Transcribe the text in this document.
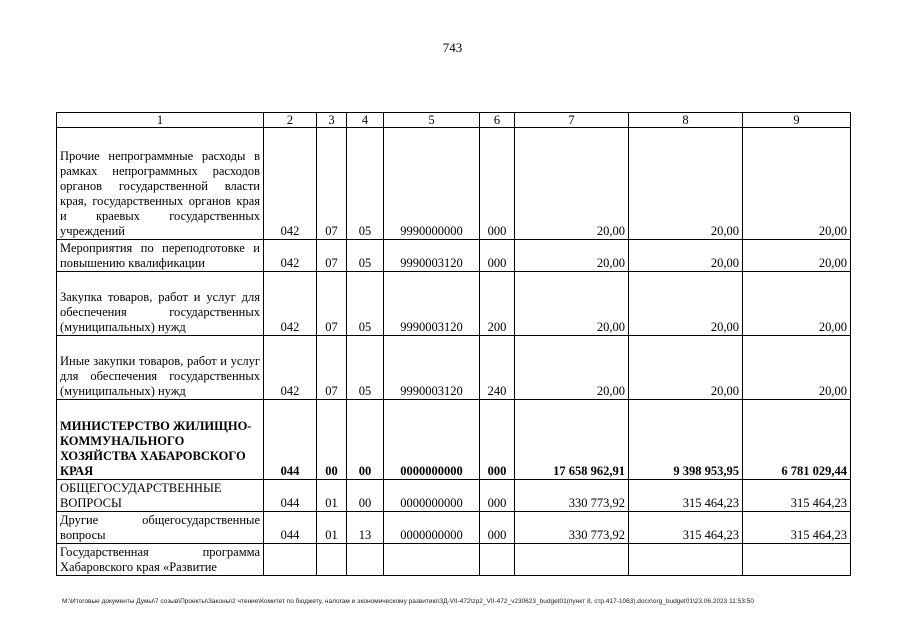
743
1	2	3	4	5	6	7	8	9
Прочие непрограммные расходы в рамках непрограммных расходов органов государственной власти края, государственных органов края и краевых государственных учреждений	042	07	05	9990000000	000	20,00	20,00	20,00
Мероприятия по переподготовке и повышению квалификации	042	07	05	9990003120	000	20,00	20,00	20,00
Закупка товаров, работ и услуг для обеспечения государственных (муниципальных) нужд	042	07	05	9990003120	200	20,00	20,00	20,00
Иные закупки товаров, работ и услуг для обеспечения государственных (муниципальных) нужд	042	07	05	9990003120	240	20,00	20,00	20,00
МИНИСТЕРСТВО ЖИЛИЩНО-КОММУНАЛЬНОГО ХОЗЯЙСТВА ХАБАРОВСКОГО КРАЯ	044	00	00	0000000000	000	17 658 962,91	9 398 953,95	6 781 029,44
ОБЩЕГОСУДАРСТВЕННЫЕ ВОПРОСЫ	044	01	00	0000000000	000	330 773,92	315 464,23	315 464,23
Другие общегосударственные вопросы	044	01	13	0000000000	000	330 773,92	315 464,23	315 464,23
Государственная программа Хабаровского края «Развитие								
M:\Итоговые документы Думы\7 созыв\Проекты\Законы\2 чтение\Комитет по бюджету, налогам и экономическому развитию\ЗД-VII-472\zp2_VII-472_v230623_budget01(пункт 8, стр.417-1063).docx\org_budget01\23.06.2023 11:53:50
